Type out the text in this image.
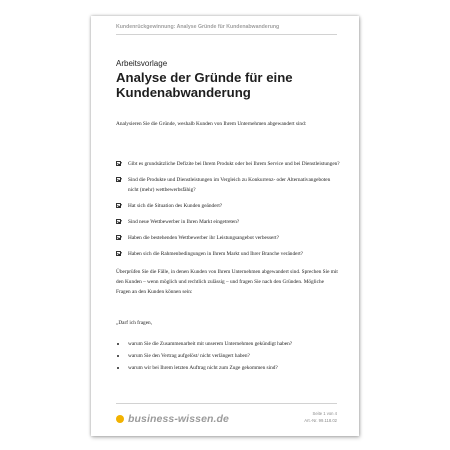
Kundenrückgewinnung: Analyse Gründe für Kundenabwanderung
Arbeitsvorlage
Analyse der Gründe für eine Kundenabwanderung

Analysieren Sie die Gründe, weshalb Kunden von Ihrem Unternehmen abgewandert sind:

Gibt es grundsätzliche Defizite bei Ihrem Produkt oder bei Ihrem Service und bei Dienstleistungen?
Sind die Produkte und Dienstleistungen im Vergleich zu Konkurrenz- oder Alternativangeboten nicht (mehr) wettbewerbsfähig?
Hat sich die Situation des Kunden geändert?
Sind neue Wettbewerber in Ihren Markt eingetreten?
Haben die bestehenden Wettbewerber ihr Leistungsangebot verbessert?
Haben sich die Rahmenbedingungen in Ihrem Markt und Ihrer Branche verändert?

Überprüfen Sie die Fälle, in denen Kunden von Ihrem Unternehmen abgewandert sind. Sprechen Sie mit den Kunden – wenn möglich und rechtlich zulässig – und fragen Sie nach den Gründen. Mögliche Fragen an den Kunden können sein:

„Darf ich fragen,

warum Sie die Zusammenarbeit mit unserem Unternehmen gekündigt haben?
warum Sie den Vertrag aufgelöst/ nicht verlängert haben?
warum wir bei Ihrem letzten Auftrag nicht zum Zuge gekommen sind?
business-wissen.de	Seite 1 von 4
Art.-Nr. 99.118.02
